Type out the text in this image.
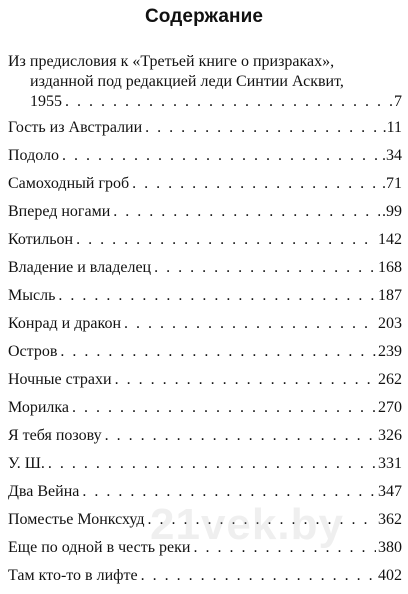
Содержание
Из предисловия к «Третьей книге о призраках»,
изданной под редакцией леди Синтии Асквит,
1955 . . .	7
Гость из Австралии . . .	.11
Подоло . . .	.34
Самоходный гроб . . .	.71
Вперед ногами . . .	.99
Котильон . . .	142
Владение и владелец . . .	168
Мысль . . .	187
Конрад и дракон . . .	203
Остров . . .	239
Ночные страхи . . .	262
Морилка . . .	270
Я тебя позову . . .	326
У. Ш. . . .	331
Два Вейна . . .	347
Поместье Монксхуд . . .	362
Еще по одной в честь реки . . .	380
Там кто-то в лифте . . .	402
21vek.by
